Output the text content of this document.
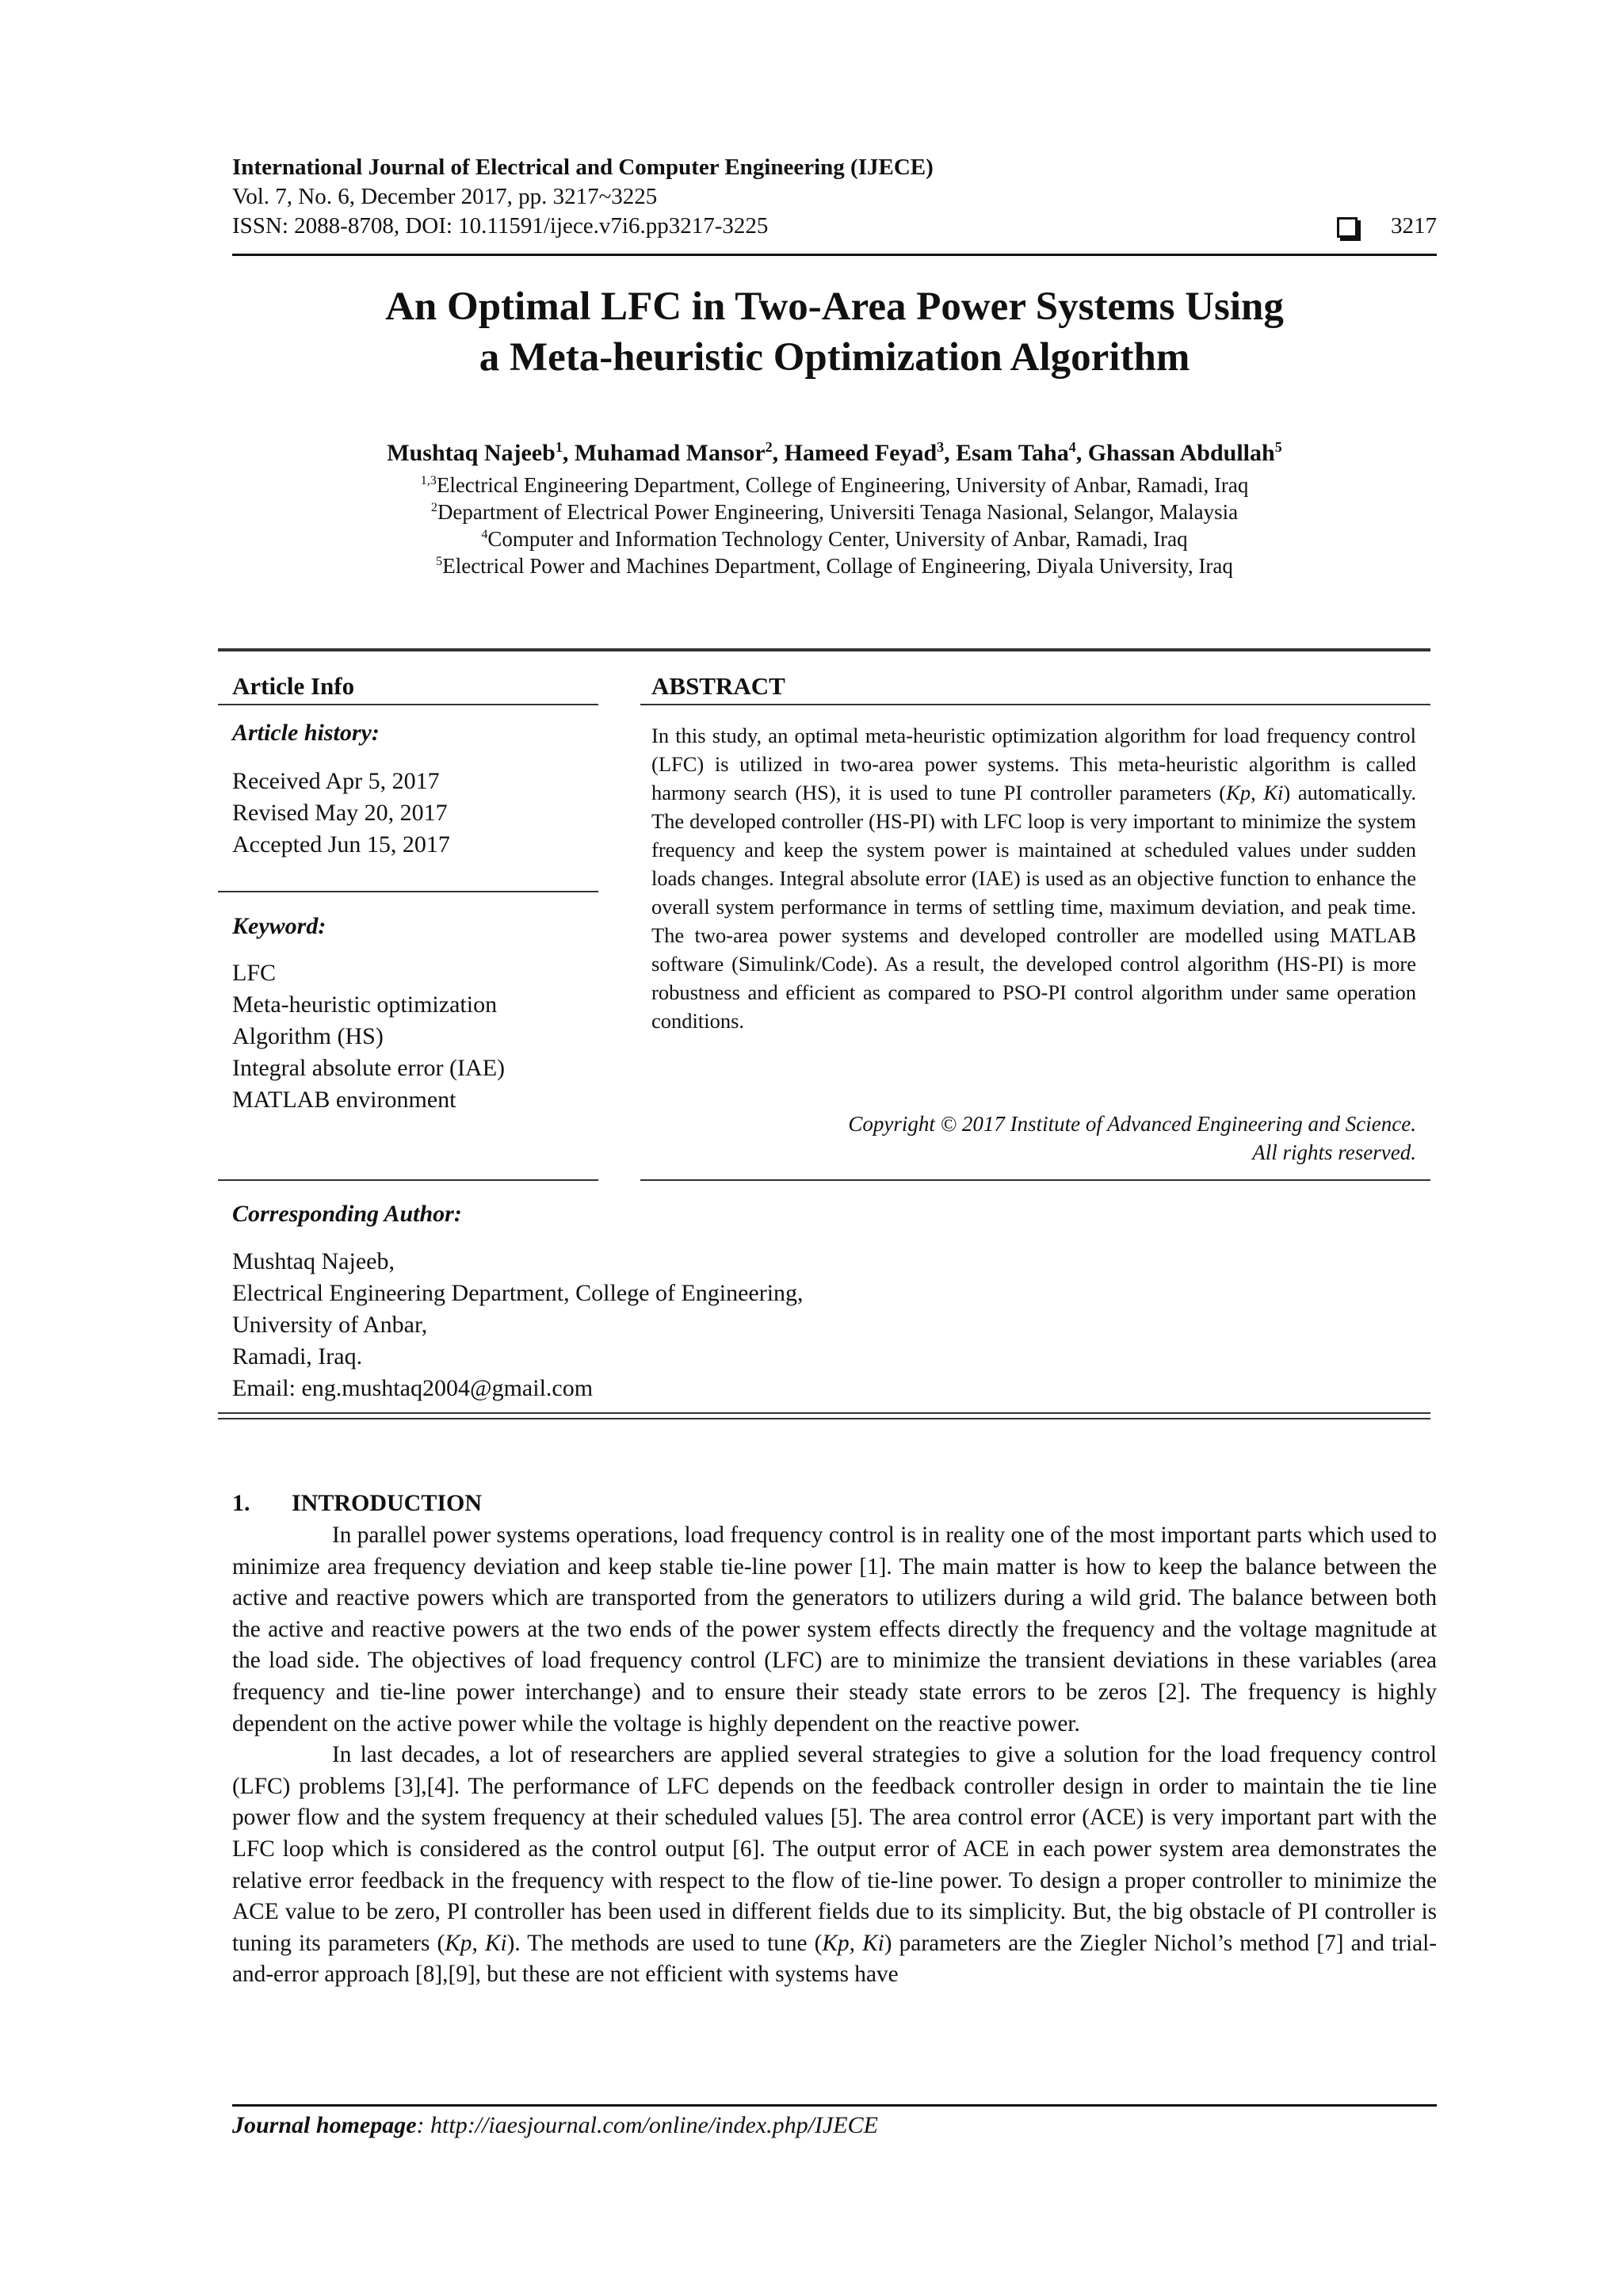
International Journal of Electrical and Computer Engineering (IJECE)
Vol. 7, No. 6, December 2017, pp. 3217~3225
ISSN: 2088-8708, DOI: 10.11591/ijece.v7i6.pp3217-3225	3217
An Optimal LFC in Two-Area Power Systems Using
a Meta-heuristic Optimization Algorithm
Mushtaq Najeeb$^1$, Muhamad Mansor$^2$, Hameed Feyad$^3$, Esam Taha$^4$, Ghassan Abdullah$^5$
$^{1,3}$Electrical Engineering Department, College of Engineering, University of Anbar, Ramadi, Iraq
$^2$Department of Electrical Power Engineering, Universiti Tenaga Nasional, Selangor, Malaysia
$^4$Computer and Information Technology Center, University of Anbar, Ramadi, Iraq
$^5$Electrical Power and Machines Department, Collage of Engineering, Diyala University, Iraq
Article Info	ABSTRACT
Article history:
Received Apr 5, 2017
Revised May 20, 2017
Accepted Jun 15, 2017
Keyword:
LFC
Meta-heuristic optimization
Algorithm (HS)
Integral absolute error (IAE)
MATLAB environment
In this study, an optimal meta-heuristic optimization algorithm for load frequency control (LFC) is utilized in two-area power systems. This meta-heuristic algorithm is called harmony search (HS), it is used to tune PI controller parameters (Kp, Ki) automatically. The developed controller (HS-PI) with LFC loop is very important to minimize the system frequency and keep the system power is maintained at scheduled values under sudden loads changes. Integral absolute error (IAE) is used as an objective function to enhance the overall system performance in terms of settling time, maximum deviation, and peak time. The two-area power systems and developed controller are modelled using MATLAB software (Simulink/Code). As a result, the developed control algorithm (HS-PI) is more robustness and efficient as compared to PSO-PI control algorithm under same operation conditions.
Copyright © 2017 Institute of Advanced Engineering and Science.
All rights reserved.
Corresponding Author:
Mushtaq Najeeb,
Electrical Engineering Department, College of Engineering,
University of Anbar,
Ramadi, Iraq.
Email: eng.mushtaq2004@gmail.com
1. INTRODUCTION

In parallel power systems operations, load frequency control is in reality one of the most important parts which used to minimize area frequency deviation and keep stable tie-line power [1]. The main matter is how to keep the balance between the active and reactive powers which are transported from the generators to utilizers during a wild grid. The balance between both the active and reactive powers at the two ends of the power system effects directly the frequency and the voltage magnitude at the load side. The objectives of load frequency control (LFC) are to minimize the transient deviations in these variables (area frequency and tie-line power interchange) and to ensure their steady state errors to be zeros [2]. The frequency is highly dependent on the active power while the voltage is highly dependent on the reactive power.

In last decades, a lot of researchers are applied several strategies to give a solution for the load frequency control (LFC) problems [3],[4]. The performance of LFC depends on the feedback controller design in order to maintain the tie line power flow and the system frequency at their scheduled values [5]. The area control error (ACE) is very important part with the LFC loop which is considered as the control output [6]. The output error of ACE in each power system area demonstrates the relative error feedback in the frequency with respect to the flow of tie-line power. To design a proper controller to minimize the ACE value to be zero, PI controller has been used in different fields due to its simplicity. But, the big obstacle of PI controller is tuning its parameters (Kp, Ki). The methods are used to tune (Kp, Ki) parameters are the Ziegler Nichol’s method [7] and trial-and-error approach [8],[9], but these are not efficient with systems have

Journal homepage: http://iaesjournal.com/online/index.php/IJECE
